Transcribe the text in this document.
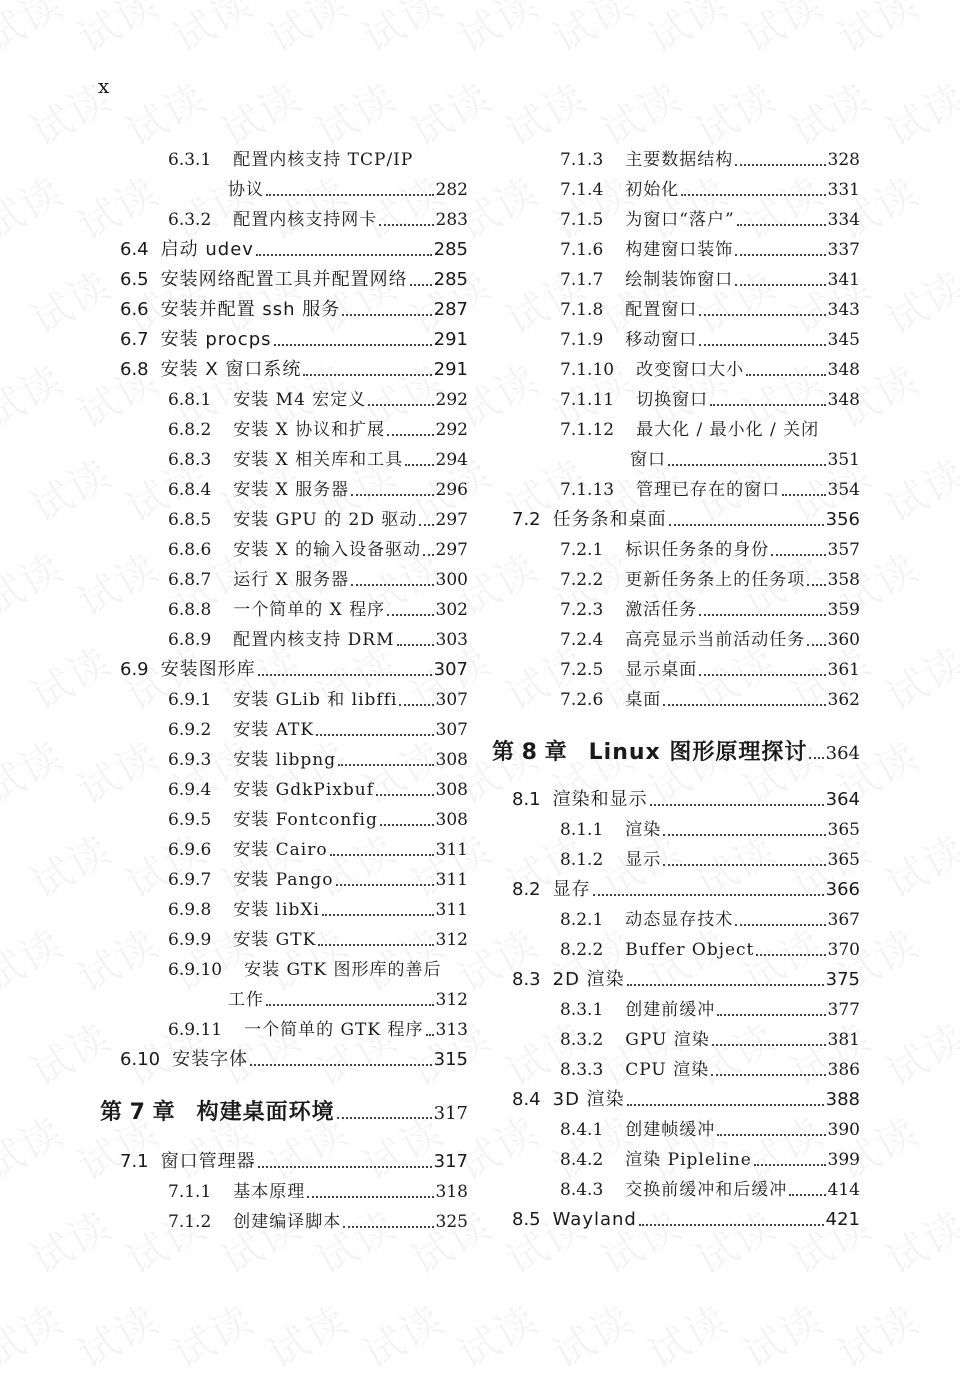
x
6.3.1 配置内核支持 TCP/IP
协议	282
6.3.2 配置内核支持网卡	283
6.4 启动 udev	285
6.5 安装网络配置工具并配置网络 285
6.6 安装并配置 ssh 服务	287
6.7 安装 procps	291
6.8 安装 X 窗口系统	291
6.8.1 安装 M4 宏定义	292
6.8.2 安装 X 协议和扩展	292
6.8.3 安装 X 相关库和工具 294
6.8.4 安装 X 服务器	296
6.8.5 安装 GPU 的 2D 驱动 297
6.8.6 安装 X 的输入设备驱动 297
6.8.7 运行 X 服务器	300
6.8.8 一个简单的 X 程序	302
6.8.9 配置内核支持 DRM 303
6.9 安装图形库	307
6.9.1 安装 GLib 和 libffi 307
6.9.2 安装 ATK	307
6.9.3 安装 libpng	308
6.9.4 安装 GdkPixbuf	308
6.9.5 安装 Fontconfig	308
6.9.6 安装 Cairo	311
6.9.7 安装 Pango	311
6.9.8 安装 libXi	311
6.9.9 安装 GTK	312
6.9.10 安装 GTK 图形库的善后
工作	312
6.9.11 一个简单的 GTK 程序 313
6.10 安装字体	315
第 7 章 构建桌面环境	317
7.1 窗口管理器	317
7.1.1 基本原理	318
7.1.2 创建编译脚本	325
7.1.3 主要数据结构	328
7.1.4 初始化	331
7.1.5 为窗口“落户”	334
7.1.6 构建窗口装饰	337
7.1.7 绘制装饰窗口	341
7.1.8 配置窗口	343
7.1.9 移动窗口	345
7.1.10 改变窗口大小	348
7.1.11 切换窗口	348
7.1.12 最大化 / 最小化 / 关闭
窗口	351
7.1.13 管理已存在的窗口	354
7.2 任务条和桌面	356
7.2.1 标识任务条的身份	357
7.2.2 更新任务条上的任务项 358
7.2.3 激活任务	359
7.2.4 高亮显示当前活动任务 360
7.2.5 显示桌面	361
7.2.6 桌面	362
第 8 章 Linux 图形原理探讨 364
8.1 渲染和显示	364
8.1.1 渲染	365
8.1.2 显示	365
8.2 显存	366
8.2.1 动态显存技术	367
8.2.2 Buffer Object	370
8.3 2D 渲染	375
8.3.1 创建前缓冲	377
8.3.2 GPU 渲染	381
8.3.3 CPU 渲染	386
8.4 3D 渲染	388
8.4.1 创建帧缓冲	390
8.4.2 渲染 Pipleline	399
8.4.3 交换前缓冲和后缓冲 414
8.5 Wayland	421
